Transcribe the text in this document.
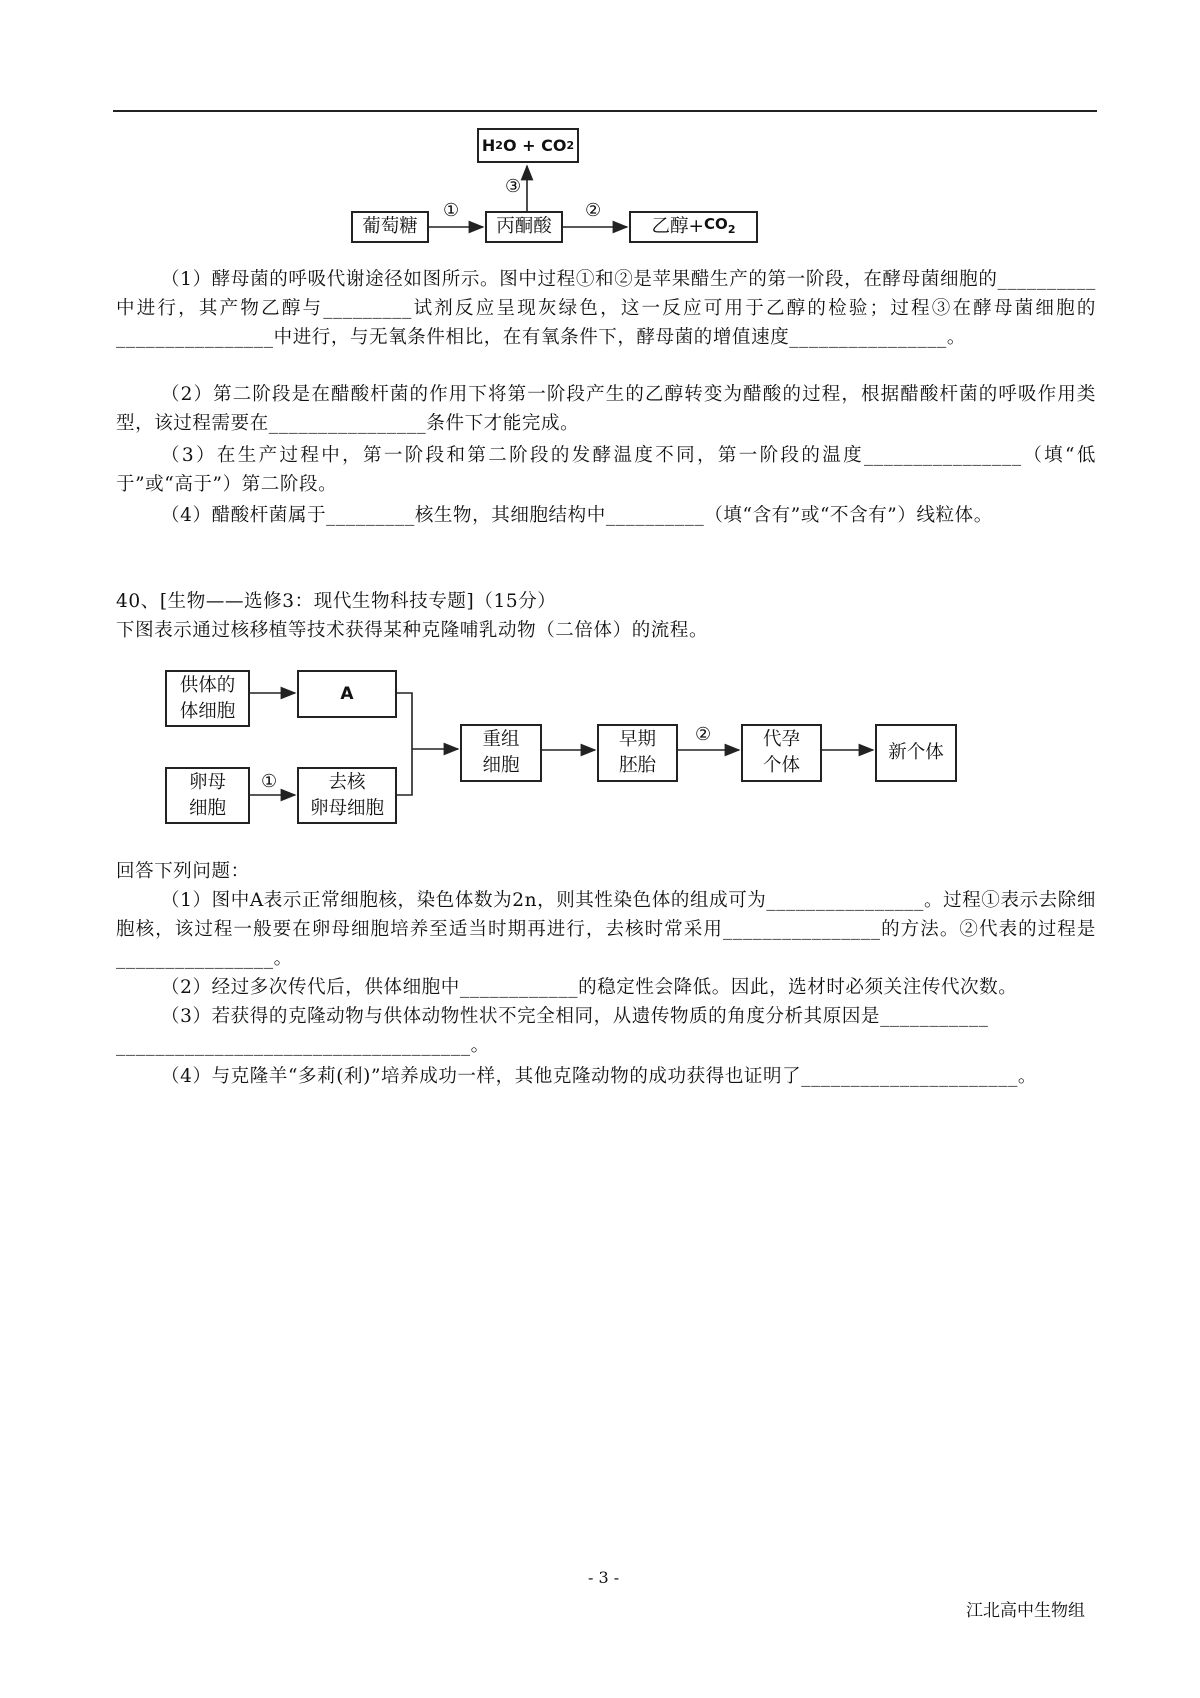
H 2 O + CO 2
葡萄糖	丙酮酸	乙醇+ $CO_2$
①	②
③
（1）酵母菌的呼吸代谢途径如图所示。图中过程①和②是苹果醋生产的第一阶段，在酵母菌细胞的__________中进行，其产物乙醇与_________试剂反应呈现灰绿色，这一反应可用于乙醇的检验；过程③在酵母菌细胞的________________中进行，与无氧条件相比，在有氧条件下，酵母菌的增值速度________________。
（2）第二阶段是在醋酸杆菌的作用下将第一阶段产生的乙醇转变为醋酸的过程，根据醋酸杆菌的呼吸作用类型，该过程需要在________________条件下才能完成。
（3）在生产过程中，第一阶段和第二阶段的发酵温度不同，第一阶段的温度________________（填“低于”或“高于”）第二阶段。
（4）醋酸杆菌属于_________核生物，其细胞结构中__________（填“含有”或“不含有”）线粒体。
40、[生物——选修3：现代生物科技专题]（15分）
下图表示通过核移植等技术获得某种克隆哺乳动物（二倍体）的流程。
供体的
体细胞
A
卵母
细胞
去核
卵母细胞
重组
细胞
早期
胚胎
代孕
个体
新个体
①
②
回答下列问题：
（1）图中A表示正常细胞核，染色体数为2n，则其性染色体的组成可为________________。过程①表示去除细胞核，该过程一般要在卵母细胞培养至适当时期再进行，去核时常采用________________的方法。②代表的过程是________________。
（2）经过多次传代后，供体细胞中____________的稳定性会降低。因此，选材时必须关注传代次数。
（3）若获得的克隆动物与供体动物性状不完全相同，从遗传物质的角度分析其原因是___________
____________________________________。
（4）与克隆羊“多莉(利)”培养成功一样，其他克隆动物的成功获得也证明了______________________。
- 3 -
江北高中生物组
